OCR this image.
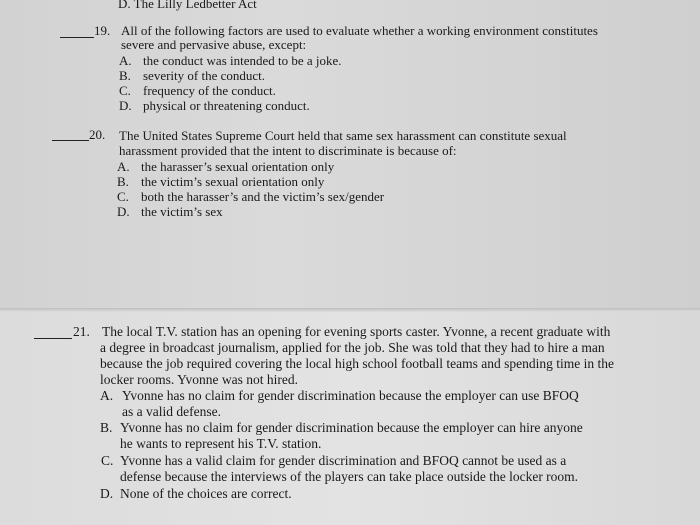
D. The Lilly Ledbetter Act
19. All of the following factors are used to evaluate whether a working environment constitutes
severe and pervasive abuse, except:
A. the conduct was intended to be a joke.
B. severity of the conduct.
C. frequency of the conduct.
D. physical or threatening conduct.
20. The United States Supreme Court held that same sex harassment can constitute sexual
harassment provided that the intent to discriminate is because of:
A. the harasser’s sexual orientation only
B. the victim’s sexual orientation only
C. both the harasser’s and the victim’s sex/gender
D. the victim’s sex
21. The local T.V. station has an opening for evening sports caster. Yvonne, a recent graduate with
a degree in broadcast journalism, applied for the job. She was told that they had to hire a man
because the job required covering the local high school football teams and spending time in the
locker rooms. Yvonne was not hired.
A. Yvonne has no claim for gender discrimination because the employer can use BFOQ
as a valid defense.
B. Yvonne has no claim for gender discrimination because the employer can hire anyone
he wants to represent his T.V. station.
C. Yvonne has a valid claim for gender discrimination and BFOQ cannot be used as a
defense because the interviews of the players can take place outside the locker room.
D. None of the choices are correct.
